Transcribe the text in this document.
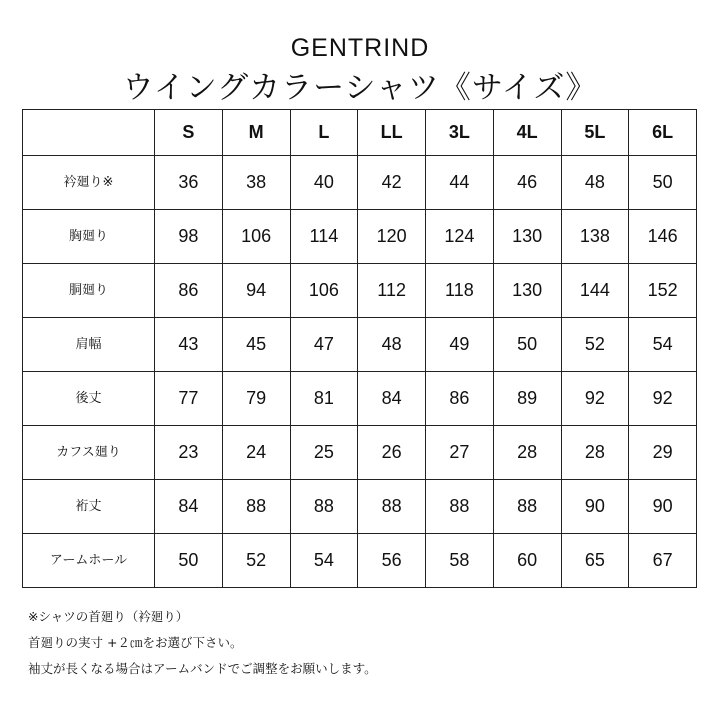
GENTRIND
ウイングカラーシャツ《サイズ》
	S	M	L	LL	3L	4L	5L	6L
衿廻り※	36	38	40	42	44	46	48	50
胸廻り	98	106	114	120	124	130	138	146
胴廻り	86	94	106	112	118	130	144	152
肩幅	43	45	47	48	49	50	52	54
後丈	77	79	81	84	86	89	92	92
カフス廻り	23	24	25	26	27	28	28	29
裄丈	84	88	88	88	88	88	90	90
アームホール	50	52	54	56	58	60	65	67

※シャツの首廻り（衿廻り）

首廻りの実寸 +２㎝をお選び下さい。

袖丈が長くなる場合はアームバンドでご調整をお願いします。
